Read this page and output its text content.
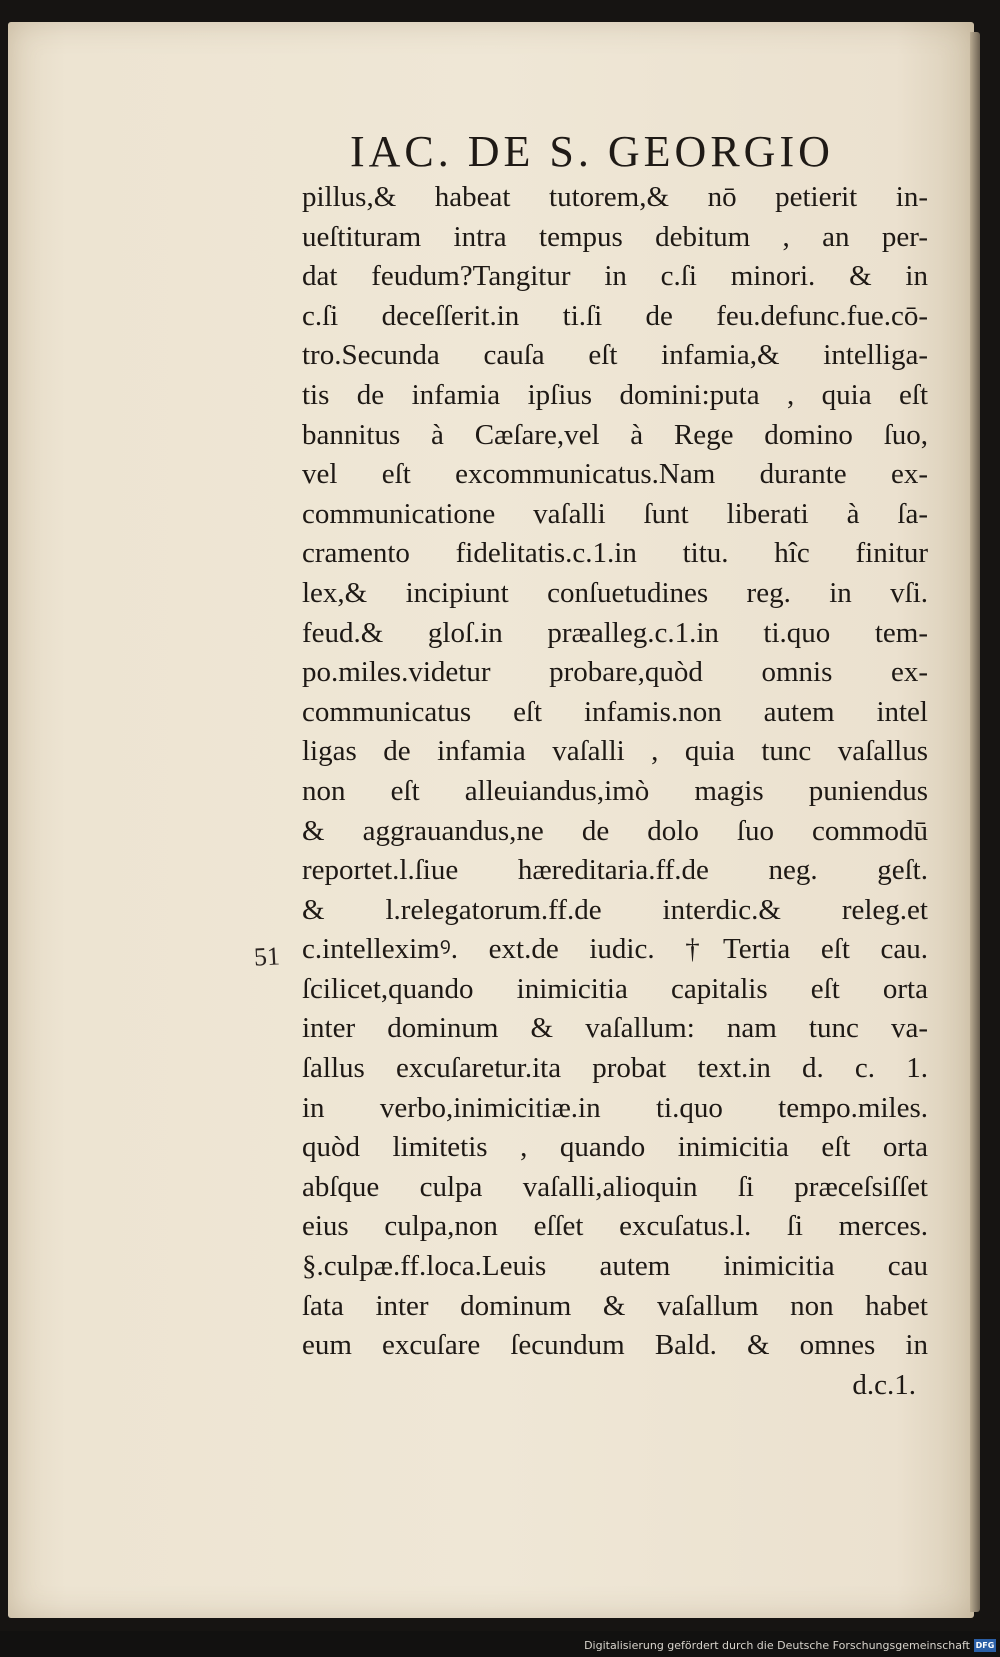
IAC. DE S. GEORGIO
51
pillus,& habeat tutorem,& nō petierit in-
ueſtituram intra tempus debitum , an per-
dat feudum?Tangitur in c.ſi minori. & in
c.ſi deceſſerit.in ti.ſi de feu.defunc.fue.cō-
tro.Secunda cauſa eſt infamia,& intelliga-
tis de infamia ipſius domini:puta , quia eſt
bannitus à Cæſare,vel à Rege domino ſuo,
vel eſt excommunicatus.Nam durante ex-
communicatione vaſalli ſunt liberati à ſa-
cramento fidelitatis.c.1.in titu. hîc finitur
lex,& incipiunt conſuetudines reg. in vſi.
feud.& gloſ.in præalleg.c.1.in ti.quo tem-
po.miles.videtur probare,quòd omnis ex-
communicatus eſt infamis.non autem intel
ligas de infamia vaſalli , quia tunc vaſallus
non eſt alleuiandus,imò magis puniendus
& aggrauandus,ne de dolo ſuo commodū
reportet.l.ſiue hæreditaria.ff.de neg. geſt.
& l.relegatorum.ff.de interdic.& releg.et
c.intelleximꝰ. ext.de iudic. †Tertia eſt cau.
ſcilicet,quando inimicitia capitalis eſt orta
inter dominum & vaſallum: nam tunc va-
ſallus excuſaretur.ita probat text.in d. c. 1.
in verbo,inimicitiæ.in ti.quo tempo.miles.
quòd limitetis , quando inimicitia eſt orta
abſque culpa vaſalli,alioquin ſi præceſsiſſet
eius culpa,non eſſet excuſatus.l. ſi merces.
§.culpæ.ff.loca.Leuis autem inimicitia cau
ſata inter dominum & vaſallum non habet
eum excuſare ſecundum Bald. & omnes in
d.c.1.
Digitalisierung gefördert durch die Deutsche Forschungsgemeinschaft DFG
